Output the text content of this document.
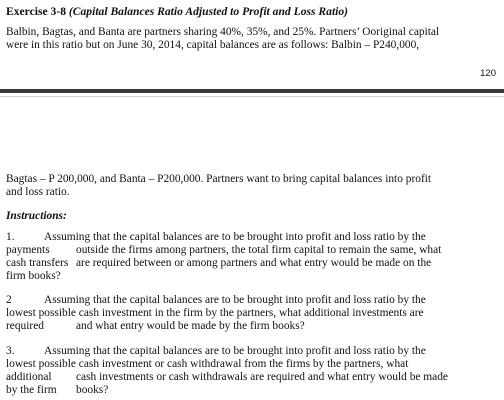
Exercise 3-8 (Capital Balances Ratio Adjusted to Profit and Loss Ratio)
Balbin, Bagtas, and Banta are partners sharing 40%, 35%, and 25%. Partners’ Ooriginal capital
were in this ratio but on June 30, 2014, capital balances are as follows: Balbin – P240,000,
120
Bagtas – P 200,000, and Banta – P200,000. Partners want to bring capital balances into profit
and loss ratio.
Instructions:
1.	Assuming that the capital balances are to be brought into profit and loss ratio by the
payments outside the firms among partners, the total firm capital to remain the same, what
cash transfers are required between or among partners and what entry would be made on the
firm books?
2	Assuming that the capital balances are to be brought into profit and loss ratio by the
lowest possible cash investment in the firm by the partners, what additional investments are
required	and what entry would be made by the firm books?
3.	Assuming that the capital balances are to be brought into profit and loss ratio by the
lowest possible cash investment or cash withdrawal from the firms by the partners, what
additional cash investments or cash withdrawals are required and what entry would be made
by the firm books?
